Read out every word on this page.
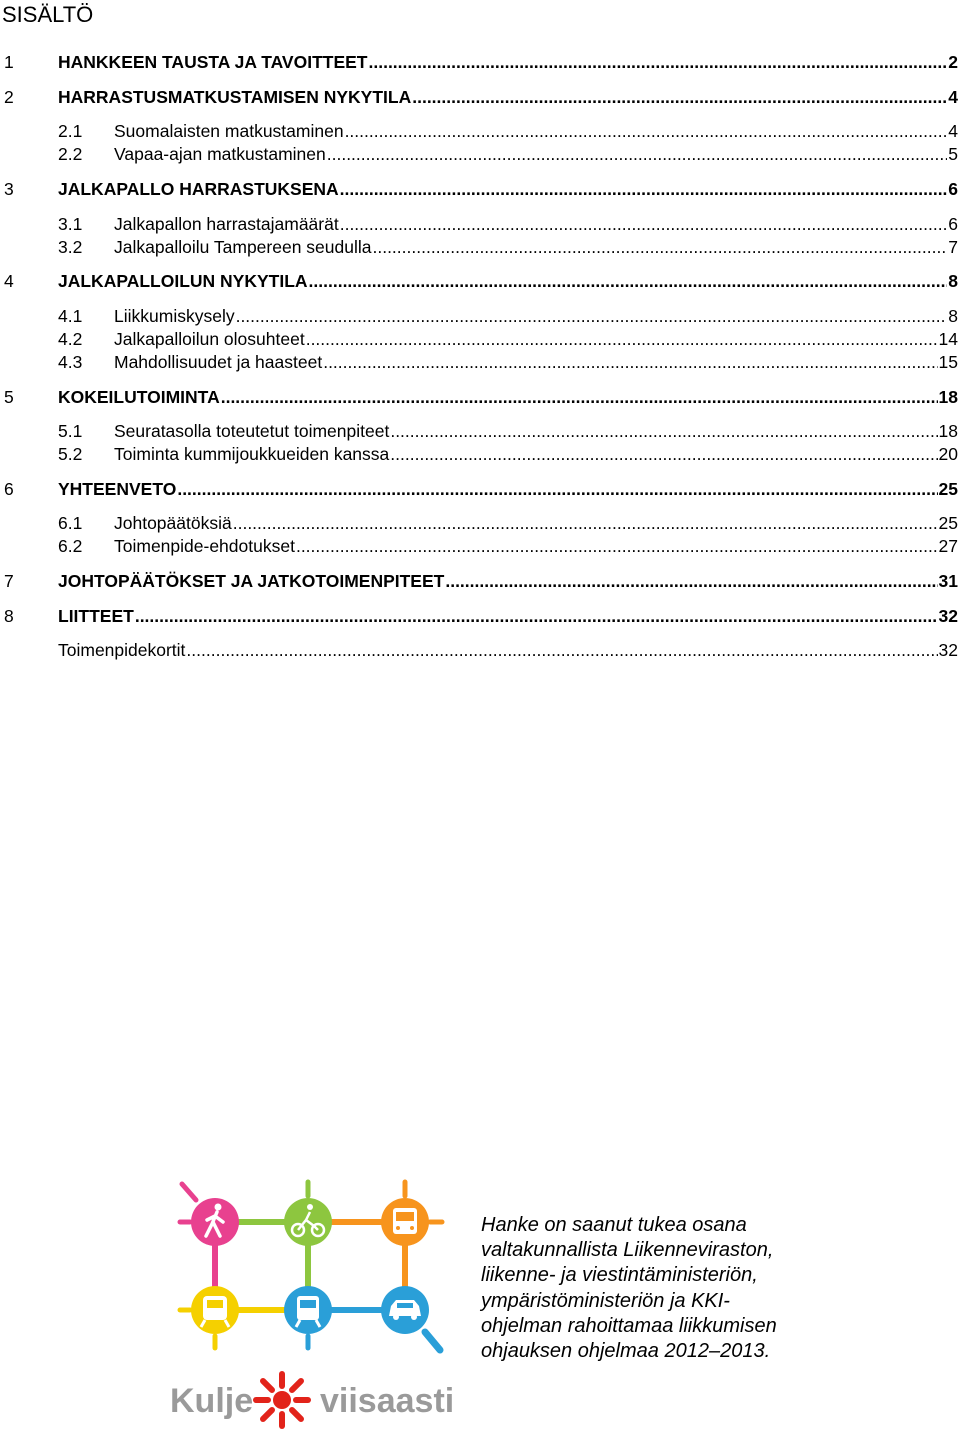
SISÄLTÖ
1	HANKKEEN TAUSTA JA TAVOITTEET .....	2
2	HARRASTUSMATKUSTAMISEN NYKYTILA .....	4
2.1 Suomalaisten matkustaminen .....	4
2.2 Vapaa-ajan matkustaminen .....	5
3	JALKAPALLO HARRASTUKSENA .....	6
3.1 Jalkapallon harrastajamäärät .....	6
3.2 Jalkapalloilu Tampereen seudulla .....	7
4	JALKAPALLOILUN NYKYTILA .....	8
4.1 Liikkumiskysely .....	8
4.2 Jalkapalloilun olosuhteet .....	14
4.3 Mahdollisuudet ja haasteet .....	15
5	KOKEILUTOIMINTA .....	18
5.1 Seuratasolla toteutetut toimenpiteet .....	18
5.2 Toiminta kummijoukkueiden kanssa .....	20
6	YHTEENVETO .....	25
6.1 Johtopäätöksiä .....	25
6.2 Toimenpide-ehdotukset .....	27
7	JOHTOPÄÄTÖKSET JA JATKOTOIMENPITEET .....	31
8	LIITTEET .....	32
Toimenpidekortit .....	32
Kulje viisaasti
Hanke on saanut tukea osana
valtakunnallista Liikenneviraston,
liikenne- ja viestintäministeriön,
ympäristöministeriön ja KKI-
ohjelman rahoittamaa liikkumisen
ohjauksen ohjelmaa 2012–2013.
